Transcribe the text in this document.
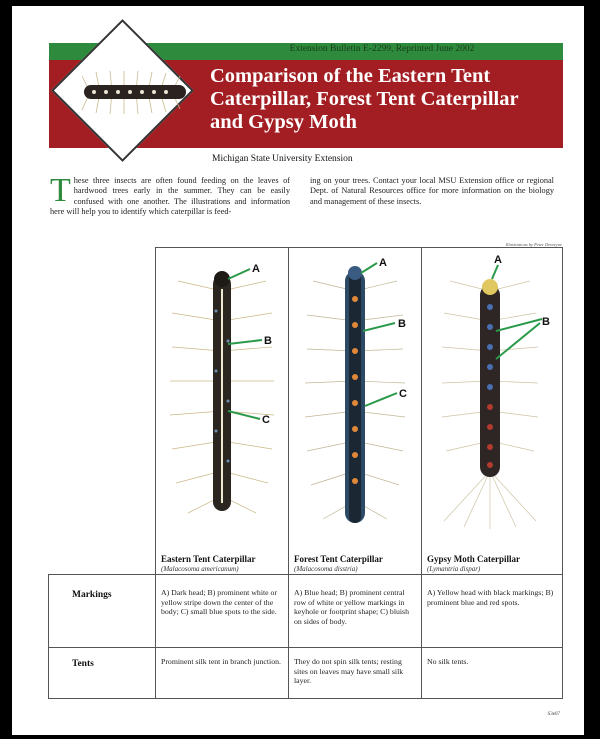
Extension Bulletin E-2299, Reprinted June 2002
Comparison of the Eastern Tent Caterpillar, Forest Tent Caterpillar and Gypsy Moth
Michigan State University Extension
These three insects are often found feeding on the leaves of hardwood trees early in the summer. They can be easily confused with one another. The illustrations and information here will help you to identify which caterpillar is feed-
ing on your trees. Contact your local MSU Extension office or regional Dept. of Natural Resources office for more information on the biology and management of these insects.
Illustrations by Peter Denteyne
A
B
C
A
B
C
A
B
Eastern Tent Caterpillar
(Malacosoma americanum)
Forest Tent Caterpillar
(Malacosoma disstria)
Gypsy Moth Caterpillar
(Lymantria dispar)
Markings	A) Dark head; B) prominent white or yellow stripe down the center of the body; C) small blue spots to the side.
A) Blue head; B) prominent central row of white or yellow markings in keyhole or footprint shape; C) bluish on sides of body.
A) Yellow head with black markings; B) prominent blue and red spots.
Tents	Prominent silk tent in branch junction. They do not spin silk tents; resting sites on leaves may have small silk layer.
No silk tents.
S3e07
